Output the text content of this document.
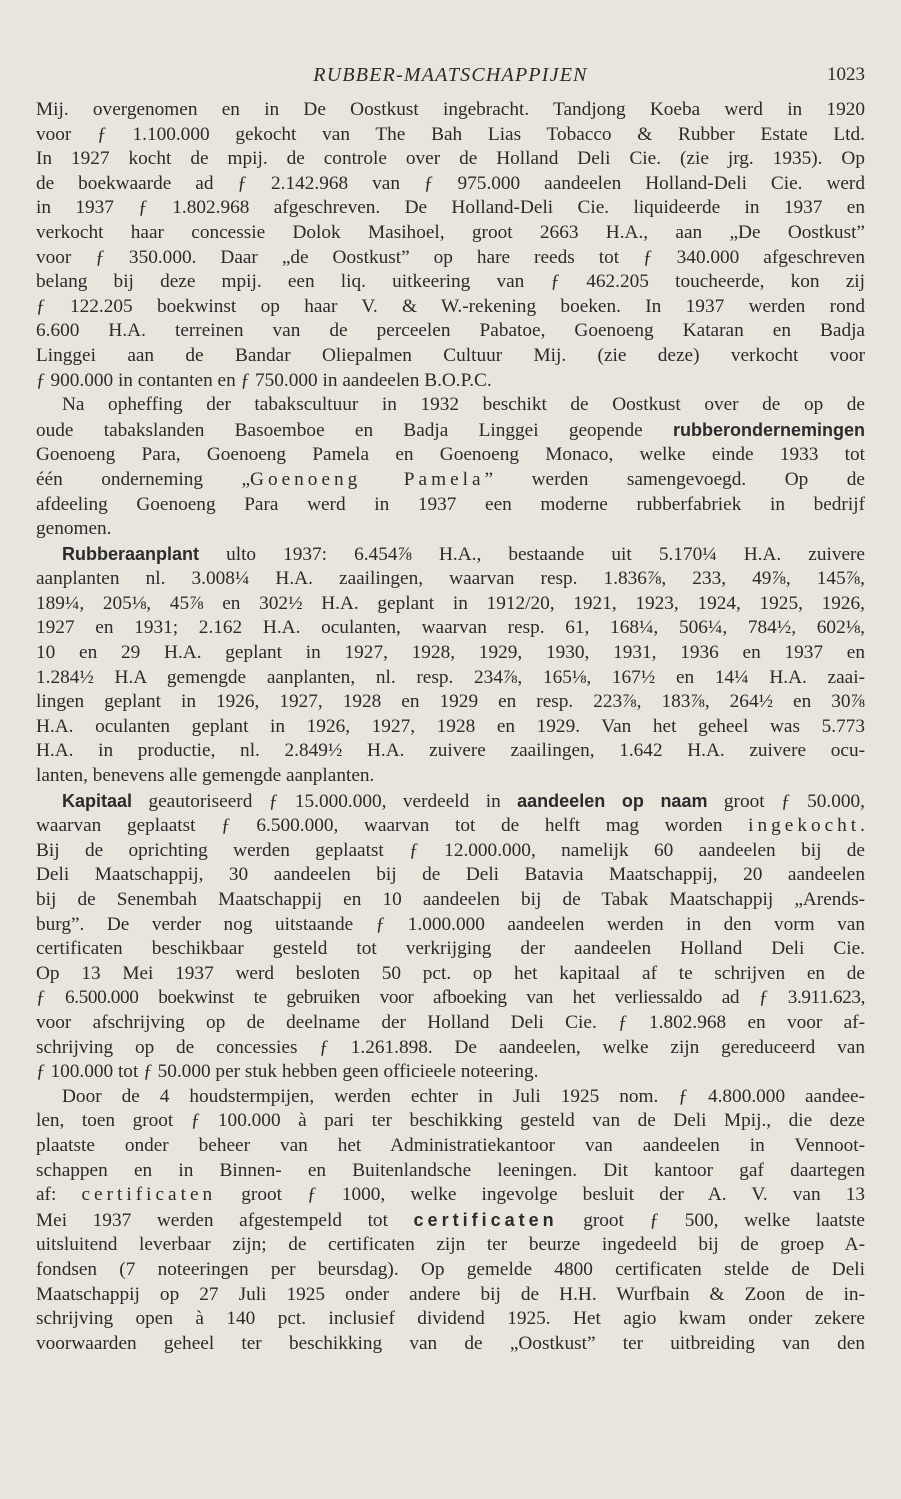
RUBBER-MAATSCHAPPIJEN	1023
Mij. overgenomen en in De Oostkust ingebracht. Tandjong Koeba werd in 1920
voor ƒ 1.100.000 gekocht van The Bah Lias Tobacco & Rubber Estate Ltd.
In 1927 kocht de mpij. de controle over de Holland Deli Cie. (zie jrg. 1935). Op
de boekwaarde ad ƒ 2.142.968 van ƒ 975.000 aandeelen Holland-Deli Cie. werd
in 1937 ƒ 1.802.968 afgeschreven. De Holland-Deli Cie. liquideerde in 1937 en
verkocht haar concessie Dolok Masihoel, groot 2663 H.A., aan „De Oostkust”
voor ƒ 350.000. Daar „de Oostkust” op hare reeds tot ƒ 340.000 afgeschreven
belang bij deze mpij. een liq. uitkeering van ƒ 462.205 toucheerde, kon zij
ƒ 122.205 boekwinst op haar V. & W.-rekening boeken. In 1937 werden rond
6.600 H.A. terreinen van de perceelen Pabatoe, Goenoeng Kataran en Badja
Linggei aan de Bandar Oliepalmen Cultuur Mij. (zie deze) verkocht voor
ƒ 900.000 in contanten en ƒ 750.000 in aandeelen B.O.P.C.
Na opheffing der tabakscultuur in 1932 beschikt de Oostkust over de op de
oude tabakslanden Basoemboe en Badja Linggei geopende rubberondernemingen
Goenoeng Para, Goenoeng Pamela en Goenoeng Monaco, welke einde 1933 tot
één onderneming „Goenoeng Pamela” werden samengevoegd. Op de
afdeeling Goenoeng Para werd in 1937 een moderne rubberfabriek in bedrijf
genomen.
Rubberaanplant ulto 1937: 6.454⅞ H.A., bestaande uit 5.170¼ H.A. zuivere
aanplanten nl. 3.008¼ H.A. zaailingen, waarvan resp. 1.836⅞, 233, 49⅞, 145⅞,
189¼, 205⅛, 45⅞ en 302½ H.A. geplant in 1912/20, 1921, 1923, 1924, 1925, 1926,
1927 en 1931; 2.162 H.A. oculanten, waarvan resp. 61, 168¼, 506¼, 784½, 602⅛,
10 en 29 H.A. geplant in 1927, 1928, 1929, 1930, 1931, 1936 en 1937 en
1.284½ H.A gemengde aanplanten, nl. resp. 234⅞, 165⅛, 167½ en 14¼ H.A. zaai-
lingen geplant in 1926, 1927, 1928 en 1929 en resp. 223⅞, 183⅞, 264½ en 30⅞
H.A. oculanten geplant in 1926, 1927, 1928 en 1929. Van het geheel was 5.773
H.A. in productie, nl. 2.849½ H.A. zuivere zaailingen, 1.642 H.A. zuivere ocu-
lanten, benevens alle gemengde aanplanten.
Kapitaal geautoriseerd ƒ 15.000.000, verdeeld in aandeelen op naam groot ƒ 50.000,
waarvan geplaatst ƒ 6.500.000, waarvan tot de helft mag worden ingekocht.
Bij de oprichting werden geplaatst ƒ 12.000.000, namelijk 60 aandeelen bij de
Deli Maatschappij, 30 aandeelen bij de Deli Batavia Maatschappij, 20 aandeelen
bij de Senembah Maatschappij en 10 aandeelen bij de Tabak Maatschappij „Arends-
burg”. De verder nog uitstaande ƒ 1.000.000 aandeelen werden in den vorm van
certificaten beschikbaar gesteld tot verkrijging der aandeelen Holland Deli Cie.
Op 13 Mei 1937 werd besloten 50 pct. op het kapitaal af te schrijven en de
ƒ 6.500.000 boekwinst te gebruiken voor afboeking van het verliessaldo ad ƒ 3.911.623,
voor afschrijving op de deelname der Holland Deli Cie. ƒ 1.802.968 en voor af-
schrijving op de concessies ƒ 1.261.898. De aandeelen, welke zijn gereduceerd van
ƒ 100.000 tot ƒ 50.000 per stuk hebben geen officieele noteering.
Door de 4 houdstermpijen, werden echter in Juli 1925 nom. ƒ 4.800.000 aandee-
len, toen groot ƒ 100.000 à pari ter beschikking gesteld van de Deli Mpij., die deze
plaatste onder beheer van het Administratiekantoor van aandeelen in Vennoot-
schappen en in Binnen- en Buitenlandsche leeningen. Dit kantoor gaf daartegen
af: certificaten groot ƒ 1000, welke ingevolge besluit der A. V. van 13
Mei 1937 werden afgestempeld tot certificaten groot ƒ 500, welke laatste
uitsluitend leverbaar zijn; de certificaten zijn ter beurze ingedeeld bij de groep A-
fondsen (7 noteeringen per beursdag). Op gemelde 4800 certificaten stelde de Deli
Maatschappij op 27 Juli 1925 onder andere bij de H.H. Wurfbain & Zoon de in-
schrijving open à 140 pct. inclusief dividend 1925. Het agio kwam onder zekere
voorwaarden geheel ter beschikking van de „Oostkust” ter uitbreiding van den
